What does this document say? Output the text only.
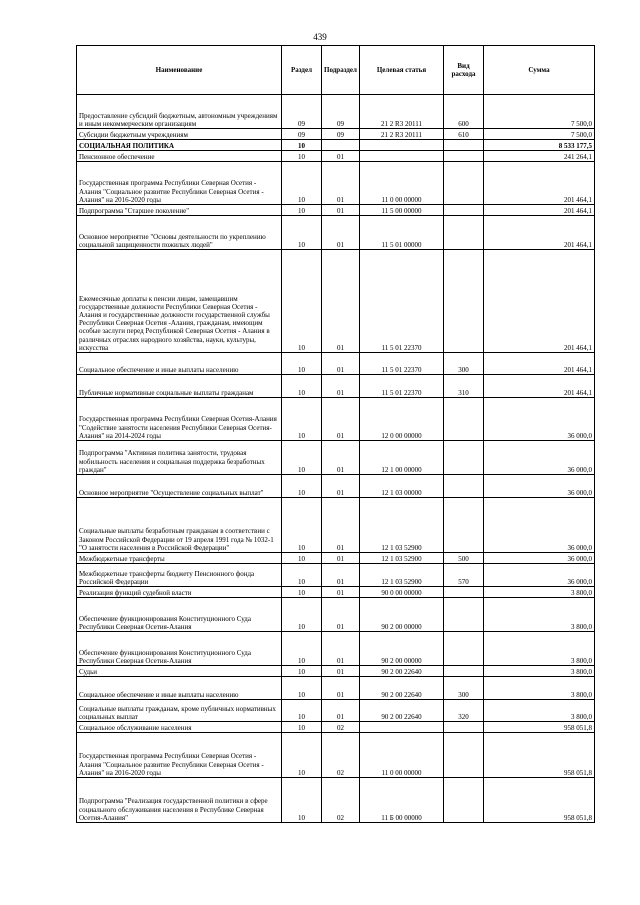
439
Наименование	Раздел	Подраздел	Целевая статья	Вид расхода	Сумма
Предоставление субсидий бюджетным, автономным учреждениям и иным некоммерческим организациям	09	09	21 2 R3 20111	600	7 500,0
Субсидии бюджетным учреждениям	09	09	21 2 R3 20111	610	7 500,0
СОЦИАЛЬНАЯ ПОЛИТИКА	10				8 533 177,5
Пенсионное обеспечение	10	01			241 264,1
Государственная программа Республики Северная Осетия - Алания "Социальное развитие Республики Северная Осетия - Алания" на 2016-2020 годы	10	01	11 0 00 00000		201 464,1
Подпрограмма "Старшее поколение"	10	01	11 5 00 00000		201 464,1
Основное мероприятие "Основы деятельности по укреплению социальной защищенности пожилых людей"	10	01	11 5 01 00000		201 464,1
Ежемесячные доплаты к пенсии лицам, замещавшим государственные должности Республики Северная Осетия - Алания и государственные должности государственной службы Республики Северная Осетия -Алания, гражданам, имеющим особые заслуги перед Республикой Северная Осетия - Алания в различных отраслях народного хозяйства, науки, культуры, искусства	10	01	11 5 01 22370		201 464,1
Социальное обеспечение и иные выплаты населению	10	01	11 5 01 22370	300	201 464,1
Публичные нормативные социальные выплаты гражданам	10	01	11 5 01 22370	310	201 464,1
Государственная программа Республики Северная Осетия-Алания "Содействие занятости населения Республики Северная Осетия-Алания" на 2014-2024 годы	10	01	12 0 00 00000		36 000,0
Подпрограмма "Активная политика занятости, трудовая мобильность населения и социальная поддержка безработных граждан"	10	01	12 1 00 00000		36 000,0
Основное мероприятие "Осуществление социальных выплат"	10	01	12 1 03 00000		36 000,0
Социальные выплаты безработным гражданам в соответствии с Законом Российской Федерации от 19 апреля 1991 года № 1032-1 "О занятости населения в Российской Федерации"	10	01	12 1 03 52900		36 000,0
Межбюджетные трансферты	10	01	12 1 03 52900	500	36 000,0
Межбюджетные трансферты бюджету Пенсионного фонда Российской Федерации	10	01	12 1 03 52900	570	36 000,0
Реализация функций судебной власти	10	01	90 0 00 00000		3 800,0
Обеспечение функционирования Конституционного Суда Республики Северная Осетия-Алания	10	01	90 2 00 00000		3 800,0
Обеспечение функционирования Конституционного Суда Республики Северная Осетия-Алания	10	01	90 2 00 00000		3 800,0
Судьи	10	01	90 2 00 22640		3 800,0
Социальное обеспечение и иные выплаты населению	10	01	90 2 00 22640	300	3 800,0
Социальные выплаты гражданам, кроме публичных нормативных социальных выплат	10	01	90 2 00 22640	320	3 800,0
Социальное обслуживание населения	10	02			958 051,8
Государственная программа Республики Северная Осетия - Алания "Социальное развитие Республики Северная Осетия - Алания" на 2016-2020 годы	10	02	11 0 00 00000		958 051,8
Подпрограмма "Реализация государственной политики в сфере социального обслуживания населения в Республике Северная Осетия-Алания"	10	02	11 Б 00 00000		958 051,8
